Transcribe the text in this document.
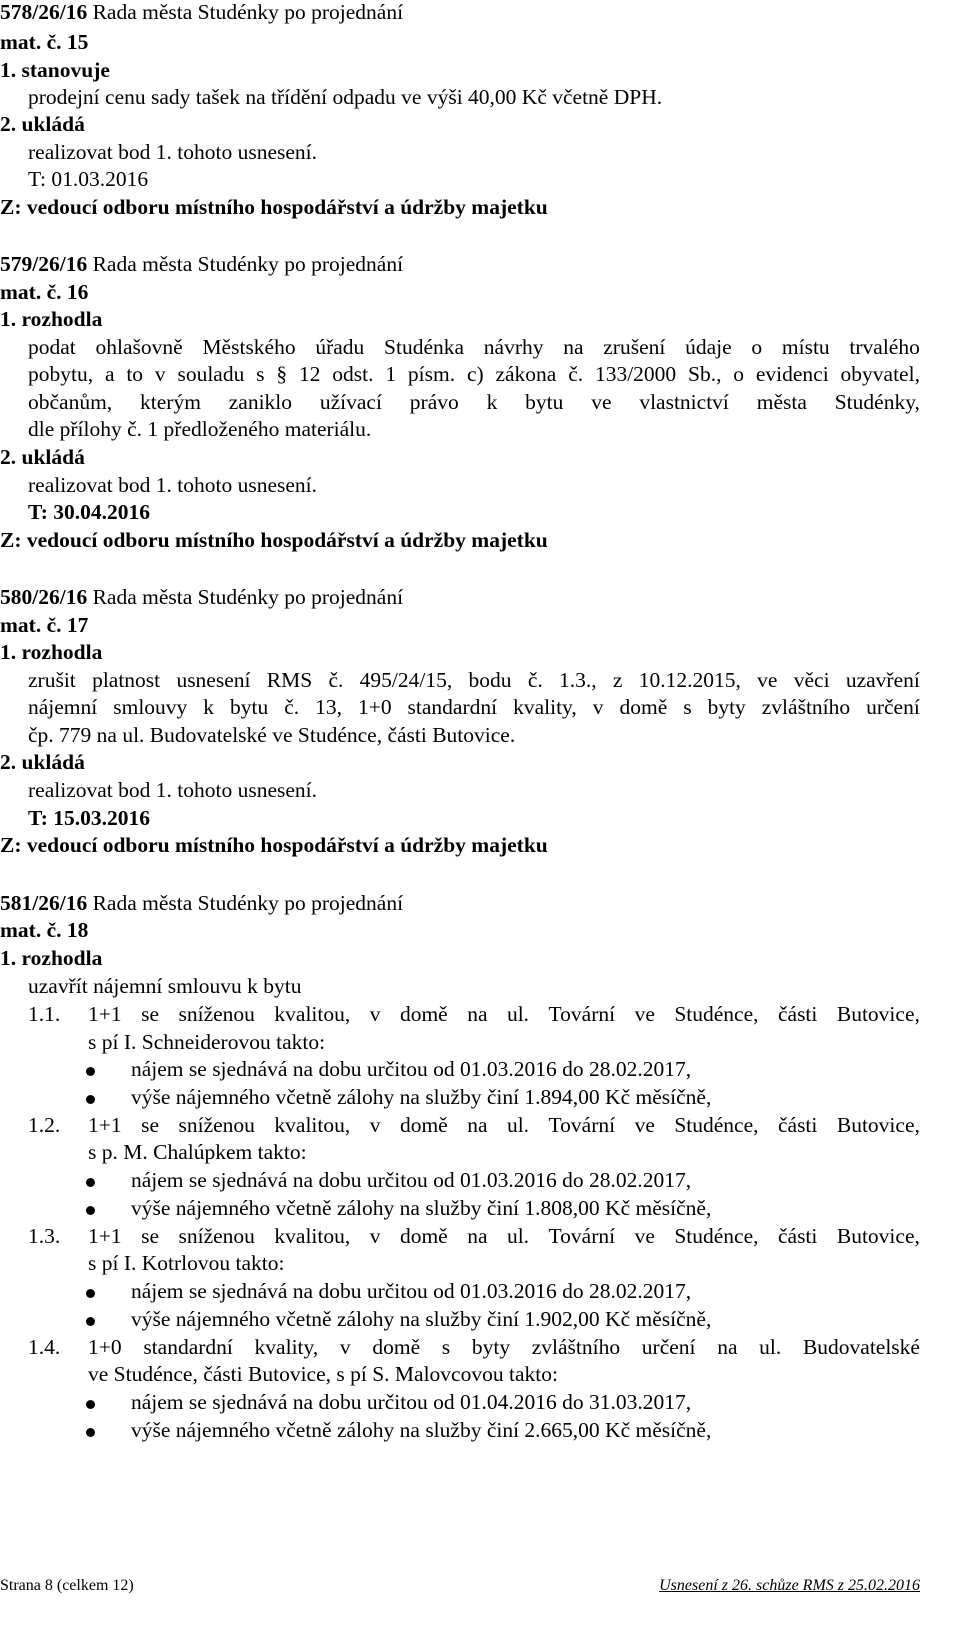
578/26/16 Rada města Studénky po projednání
mat. č. 15
1. stanovuje
prodejní cenu sady tašek na třídění odpadu ve výši 40,00 Kč včetně DPH.
2. ukládá
realizovat bod 1. tohoto usnesení.
T: 01.03.2016
Z: vedoucí odboru místního hospodářství a údržby majetku
579/26/16 Rada města Studénky po projednání
mat. č. 16
1. rozhodla
podat ohlašovně Městského úřadu Studénka návrhy na zrušení údaje o místu trvalého
pobytu, a to v souladu s § 12 odst. 1 písm. c) zákona č. 133/2000 Sb., o evidenci obyvatel,
občanům, kterým zaniklo užívací právo k bytu ve vlastnictví města Studénky,
dle přílohy č. 1 předloženého materiálu.
2. ukládá
realizovat bod 1. tohoto usnesení.
T: 30.04.2016
Z: vedoucí odboru místního hospodářství a údržby majetku
580/26/16 Rada města Studénky po projednání
mat. č. 17
1. rozhodla
zrušit platnost usnesení RMS č. 495/24/15, bodu č. 1.3., z 10.12.2015, ve věci uzavření
nájemní smlouvy k bytu č. 13, 1+0 standardní kvality, v domě s byty zvláštního určení
čp. 779 na ul. Budovatelské ve Studénce, části Butovice.
2. ukládá
realizovat bod 1. tohoto usnesení.
T: 15.03.2016
Z: vedoucí odboru místního hospodářství a údržby majetku
581/26/16 Rada města Studénky po projednání
mat. č. 18
1. rozhodla
uzavřít nájemní smlouvu k bytu
1.1. 1+1 se sníženou kvalitou, v domě na ul. Tovární ve Studénce, části Butovice,
s pí I. Schneiderovou takto:
nájem se sjednává na dobu určitou od 01.03.2016 do 28.02.2017,
výše nájemného včetně zálohy na služby činí 1.894,00 Kč měsíčně,
1.2. 1+1 se sníženou kvalitou, v domě na ul. Tovární ve Studénce, části Butovice,
s p. M. Chalúpkem takto:
nájem se sjednává na dobu určitou od 01.03.2016 do 28.02.2017,
výše nájemného včetně zálohy na služby činí 1.808,00 Kč měsíčně,
1.3. 1+1 se sníženou kvalitou, v domě na ul. Tovární ve Studénce, části Butovice,
s pí I. Kotrlovou takto:
nájem se sjednává na dobu určitou od 01.03.2016 do 28.02.2017,
výše nájemného včetně zálohy na služby činí 1.902,00 Kč měsíčně,
1.4. 1+0 standardní kvality, v domě s byty zvláštního určení na ul. Budovatelské
ve Studénce, části Butovice, s pí S. Malovcovou takto:
nájem se sjednává na dobu určitou od 01.04.2016 do 31.03.2017,
výše nájemného včetně zálohy na služby činí 2.665,00 Kč měsíčně,
Strana 8 (celkem 12)	Usnesení z 26. schůze RMS z 25.02.2016
